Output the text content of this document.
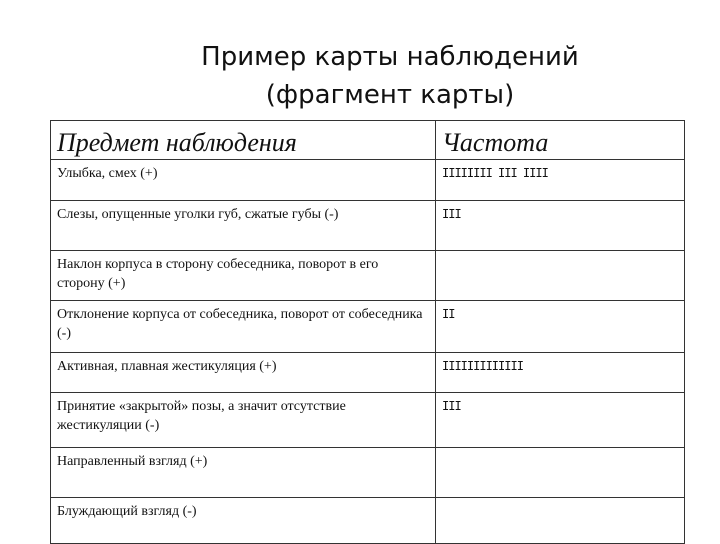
Пример карты наблюдений
(фрагмент карты)
Предмет наблюдения	Частота
Улыбка, смех (+)	IIIIIIII III IIII
Слезы, опущенные уголки губ, сжатые губы (-)	III
Наклон корпуса в сторону собеседника, поворот в его сторону (+)	
Отклонение корпуса от собеседника, поворот от собеседника (-)	II
Активная, плавная жестикуляция (+)	IIIIIIIIIIIII
Принятие «закрытой» позы, а значит отсутствие жестикуляции (-)	III
Направленный взгляд (+)	
Блуждающий взгляд (-)	
